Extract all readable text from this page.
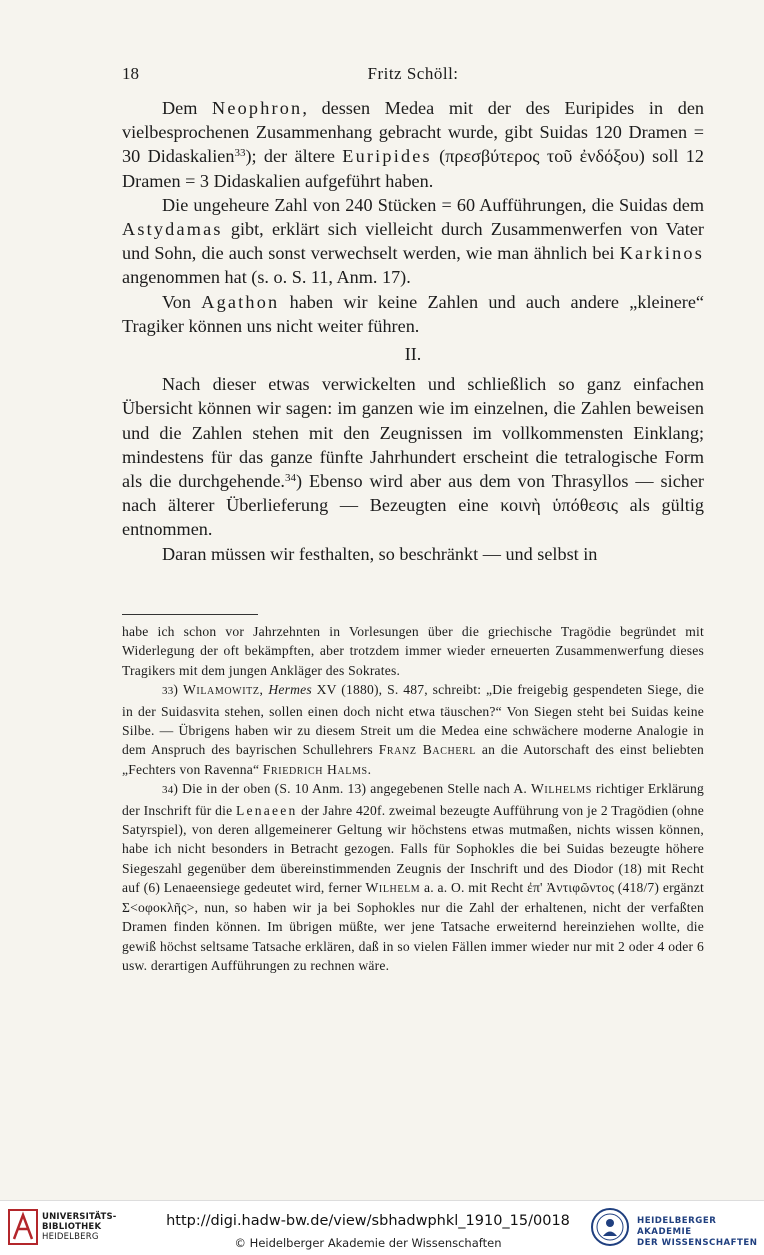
18	Fritz Schöll:

Dem Neophron, dessen Medea mit der des Euripides in den vielbesprochenen Zusammenhang gebracht wurde, gibt Suidas 120 Dramen = 30 Didaskalien$^{33}$); der ältere Euripides (πρεσβύτερος τοῦ ἐνδόξου) soll 12 Dramen = 3 Didaskalien aufgeführt haben.

Die ungeheure Zahl von 240 Stücken = 60 Aufführungen, die Suidas dem Astydamas gibt, erklärt sich vielleicht durch Zusammenwerfen von Vater und Sohn, die auch sonst verwechselt werden, wie man ähnlich bei Karkinos angenommen hat (s. o. S. 11, Anm. 17).

Von Agathon haben wir keine Zahlen und auch andere „kleinere“ Tragiker können uns nicht weiter führen.

II.

Nach dieser etwas verwickelten und schließlich so ganz einfachen Übersicht können wir sagen: im ganzen wie im einzelnen, die Zahlen beweisen und die Zahlen stehen mit den Zeugnissen im vollkommensten Einklang; mindestens für das ganze fünfte Jahrhundert erscheint die tetralogische Form als die durchgehende.$^{34}$) Ebenso wird aber aus dem von Thrasyllos — sicher nach älterer Überlieferung — Bezeugten eine κοινὴ ὑπόθεσις als gültig entnommen.

Daran müssen wir festhalten, so beschränkt — und selbst in

habe ich schon vor Jahrzehnten in Vorlesungen über die griechische Tragödie begründet mit Widerlegung der oft bekämpften, aber trotzdem immer wieder erneuerten Zusammenwerfung dieses Tragikers mit dem jungen Ankläger des Sokrates.

33) Wilamowitz, Hermes XV (1880), S. 487, schreibt: „Die freigebig gespendeten Siege, die in der Suidasvita stehen, sollen einen doch nicht etwa täuschen?“ Von Siegen steht bei Suidas keine Silbe. — Übrigens haben wir zu diesem Streit um die Medea eine schwächere moderne Analogie in dem Anspruch des bayrischen Schullehrers Franz Bacherl an die Autorschaft des einst beliebten „Fechters von Ravenna“ Friedrich Halms.

34) Die in der oben (S. 10 Anm. 13) angegebenen Stelle nach A. Wilhelms richtiger Erklärung der Inschrift für die Lenaeen der Jahre 420f. zweimal bezeugte Aufführung von je 2 Tragödien (ohne Satyrspiel), von deren allgemeinerer Geltung wir höchstens etwas mutmaßen, nichts wissen können, habe ich nicht besonders in Betracht gezogen. Falls für Sophokles die bei Suidas bezeugte höhere Siegeszahl gegenüber dem übereinstimmenden Zeugnis der Inschrift und des Diodor (18) mit Recht auf (6) Lenaeensiege gedeutet wird, ferner Wilhelm a. a. O. mit Recht ἐπ' Ἀντιφῶντος (418/7) ergänzt Σ<οφοκλῆς>, nun, so haben wir ja bei Sophokles nur die Zahl der erhaltenen, nicht der verfaßten Dramen finden können. Im übrigen müßte, wer jene Tatsache erweiternd hereinziehen wollte, die gewiß höchst seltsame Tatsache erklären, daß in so vielen Fällen immer wieder nur mit 2 oder 4 oder 6 usw. derartigen Aufführungen zu rechnen wäre.

UNIVERSITÄTS-
BIBLIOTHEK
HEIDELBERG
http://digi.hadw-bw.de/view/sbhadwphkl_1910_15/0018
© Heidelberger Akademie der Wissenschaften
HEIDELBERGER AKADEMIE
DER WISSENSCHAFTEN
